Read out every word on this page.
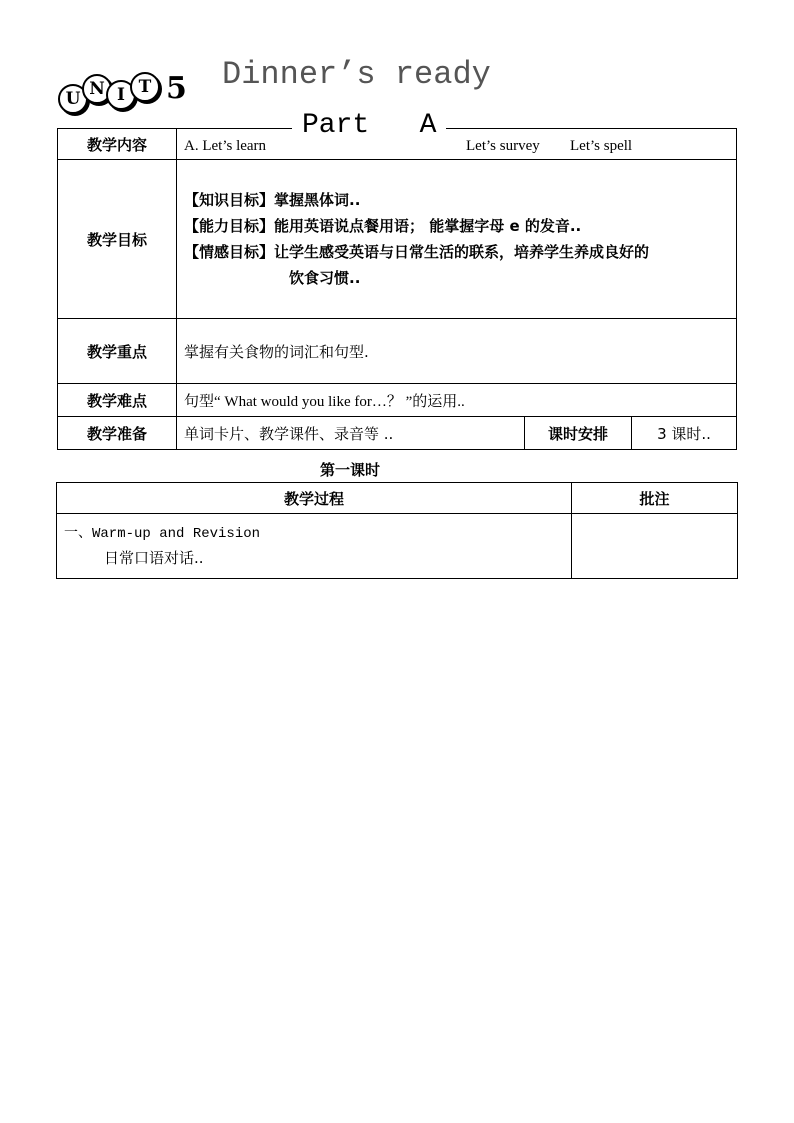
U N I T 5 Dinner’s ready
Part   A
教学内容	A. Let’s learn Let’s survey Let’s spell		

教学目标	【知识目标】掌握黑体词..
【能力目标】能用英语说点餐用语； 能掌握字母 e 的发音..
【情感目标】让学生感受英语与日常生活的联系，培养学生养成良好的
饮食习惯..		

教学重点	掌握有关食物的词汇和句型.		
教学难点	句型“ What would you like for…？ ”的运用..		
教学准备	单词卡片、教学课件、录音等 ..	课时安排	3 课时..
第一课时
教学过程	批注

一、Warm-up and Revision
日常口语对话..	
